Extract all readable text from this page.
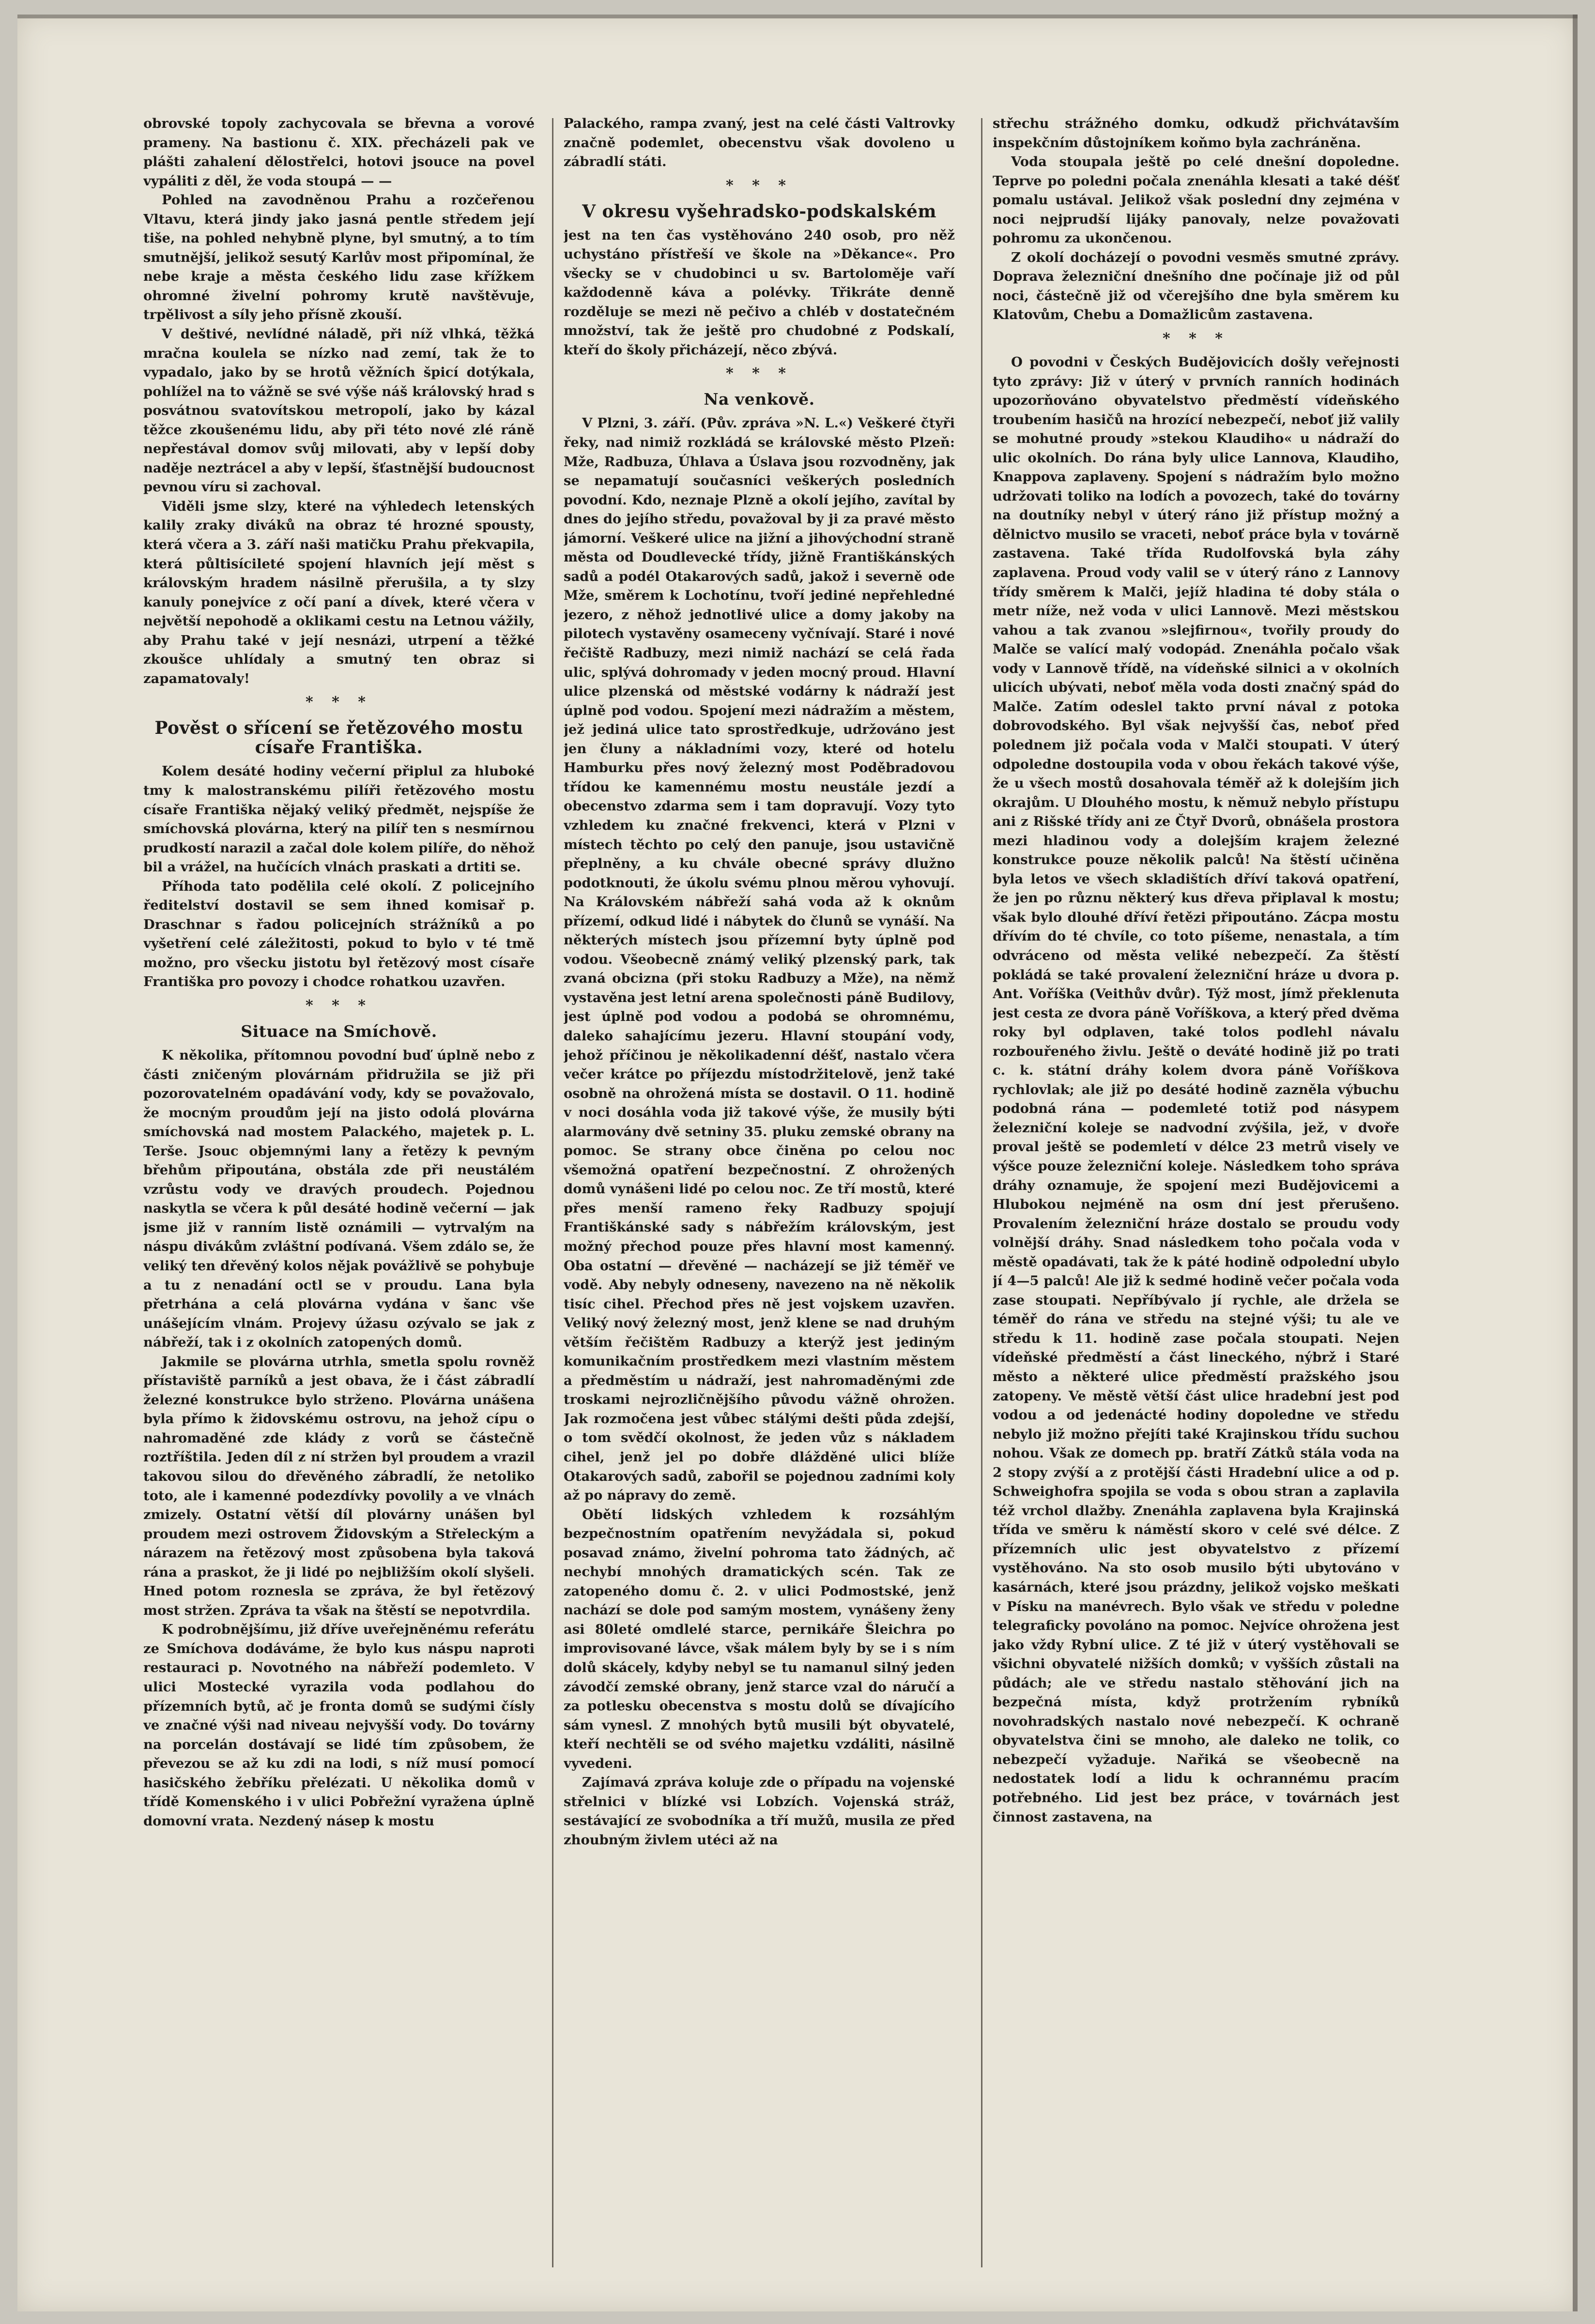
obrovské topoly zachycovala se břevna a vorové prameny. Na bastionu č. XIX. přecházeli pak ve plášti zahalení dělostřelci, hotovi jsouce na povel vypáliti z děl, že voda stoupá — —

Pohled na zavodněnou Prahu a rozčeřenou Vltavu, která jindy jako jasná pentle středem její tiše, na pohled nehybně plyne, byl smutný, a to tím smutnější, jelikož sesutý Karlův most připomínal, že nebe kraje a města českého lidu zase křížkem ohromné živelní pohromy krutě navštěvuje, trpělivost a síly jeho přísně zkouší.

V deštivé, nevlídné náladě, při níž vlhká, těžká mračna koulela se nízko nad zemí, tak že to vypadalo, jako by se hrotů věžních špicí dotýkala, pohlížel na to vážně se své výše náš královský hrad s posvátnou svatovítskou metropolí, jako by kázal těžce zkoušenému lidu, aby při této nové zlé ráně nepřestával domov svůj milovati, aby v lepší doby naděje neztrácel a aby v lepší, šťastnější budoucnost pevnou víru si zachoval.

Viděli jsme slzy, které na výhledech letenských kalily zraky diváků na obraz té hrozné spousty, která včera a 3. září naši matičku Prahu překvapila, která půltisícileté spojení hlavních její měst s královským hradem násilně přerušila, a ty slzy kanuly ponejvíce z očí paní a dívek, které včera v největší nepohodě a oklikami cestu na Letnou vážily, aby Prahu také v její nesnázi, utrpení a těžké zkoušce uhlídaly a smutný ten obraz si zapamatovaly!

* * *
Pověst o sřícení se řetězového mostu císaře Františka.

Kolem desáté hodiny večerní připlul za hluboké tmy k malostranskému pilíři řetězového mostu císaře Františka nějaký veliký předmět, nejspíše že smíchovská plovárna, který na pilíř ten s nesmírnou prudkostí narazil a začal dole kolem pilíře, do něhož bil a vrážel, na hučících vlnách praskati a drtiti se.

Příhoda tato podělila celé okolí. Z policejního ředitelství dostavil se sem ihned komisař p. Draschnar s řadou policejních strážníků a po vyšetření celé záležitosti, pokud to bylo v té tmě možno, pro všecku jistotu byl řetězový most císaře Františka pro povozy i chodce rohatkou uzavřen.

* * *
Situace na Smíchově.

K několika, přítomnou povodní buď úplně nebo z části zničeným plovárnám přidružila se již při pozorovatelném opadávání vody, kdy se považovalo, že mocným proudům její na jisto odolá plovárna smíchovská nad mostem Palackého, majetek p. L. Terše. Jsouc objemnými lany a řetězy k pevným břehům připoutána, obstála zde při neustálém vzrůstu vody ve dravých proudech. Pojednou naskytla se včera k půl desáté hodině večerní — jak jsme již v ranním listě oznámili — vytrvalým na náspu divákům zvláštní podívaná. Všem zdálo se, že veliký ten dřevěný kolos nějak povážlivě se pohybuje a tu z nenadání octl se v proudu. Lana byla přetrhána a celá plovárna vydána v šanc vše unášejícím vlnám. Projevy úžasu ozývalo se jak z nábřeží, tak i z okolních zatopených domů.

Jakmile se plovárna utrhla, smetla spolu rovněž přístaviště parníků a jest obava, že i část zábradlí železné konstrukce bylo strženo. Plovárna unášena byla přímo k židovskému ostrovu, na jehož cípu o nahromaděné zde klády z vorů se částečně roztříštila. Jeden díl z ní stržen byl proudem a vrazil takovou silou do dřevěného zábradlí, že netoliko toto, ale i kamenné podezdívky povolily a ve vlnách zmizely. Ostatní větší díl plovárny unášen byl proudem mezi ostrovem Židovským a Střeleckým a nárazem na řetězový most způsobena byla taková rána a praskot, že ji lidé po nejbližším okolí slyšeli. Hned potom roznesla se zpráva, že byl řetězový most stržen. Zpráva ta však na štěstí se nepotvrdila.

K podrobnějšímu, již dříve uveřejněnému referátu ze Smíchova dodáváme, že bylo kus náspu naproti restauraci p. Novotného na nábřeží podemleto. V ulici Mostecké vyrazila voda podlahou do přízemních bytů, ač je fronta domů se sudými čísly ve značné výši nad niveau nejvyšší vody. Do továrny na porcelán dostávají se lidé tím způsobem, že převezou se až ku zdi na lodi, s níž musí pomocí hasičského žebříku přelézati. U několika domů v třídě Komenského i v ulici Pobřežní vyražena úplně domovní vrata. Nezdený násep k mostu

Palackého, rampa zvaný, jest na celé části Valtrovky značně podemlet, obecenstvu však dovoleno u zábradlí státi.

* * *
V okresu vyšehradsko-podskalském

jest na ten čas vystěhováno 240 osob, pro něž uchystáno přístřeší ve škole na »Děkance«. Pro všecky se v chudobinci u sv. Bartoloměje vaří každodenně káva a polévky. Třikráte denně rozděluje se mezi ně pečivo a chléb v dostatečném množství, tak že ještě pro chudobné z Podskalí, kteří do školy přicházejí, něco zbývá.

* * *
Na venkově.

V Plzni, 3. září. (Pův. zpráva »N. L.«) Veškeré čtyři řeky, nad nimiž rozkládá se královské město Plzeň: Mže, Radbuza, Úhlava a Úslava jsou rozvodněny, jak se nepamatují současníci veškerých posledních povodní. Kdo, neznaje Plzně a okolí jejího, zavítal by dnes do jejího středu, považoval by ji za pravé město jámorní. Veškeré ulice na jižní a jihovýchodní straně města od Doudlevecké třídy, jižně Františkánských sadů a podél Otakarových sadů, jakož i severně ode Mže, směrem k Lochotínu, tvoří jediné nepřehledné jezero, z něhož jednotlivé ulice a domy jakoby na pilotech vystavěny osameceny vyčnívají. Staré i nové řečiště Radbuzy, mezi nimiž nachází se celá řada ulic, splývá dohromady v jeden mocný proud. Hlavní ulice plzenská od městské vodárny k nádraží jest úplně pod vodou. Spojení mezi nádražím a městem, jež jediná ulice tato sprostředkuje, udržováno jest jen čluny a nákladními vozy, které od hotelu Hamburku přes nový železný most Poděbradovou třídou ke kamennému mostu neustále jezdí a obecenstvo zdarma sem i tam dopravují. Vozy tyto vzhledem ku značné frekvenci, která v Plzni v místech těchto po celý den panuje, jsou ustavičně přeplněny, a ku chvále obecné správy dlužno podotknouti, že úkolu svému plnou měrou vyhovují. Na Královském nábřeží sahá voda až k oknům přízemí, odkud lidé i nábytek do člunů se vynáší. Na některých místech jsou přízemní byty úplně pod vodou. Všeobecně známý veliký plzenský park, tak zvaná obcizna (při stoku Radbuzy a Mže), na němž vystavěna jest letní arena společnosti páně Budilovy, jest úplně pod vodou a podobá se ohromnému, daleko sahajícímu jezeru. Hlavní stoupání vody, jehož příčinou je několikadenní déšť, nastalo včera večer krátce po příjezdu místodržitelově, jenž také osobně na ohrožená místa se dostavil. O 11. hodině v noci dosáhla voda již takové výše, že musily býti alarmovány dvě setniny 35. pluku zemské obrany na pomoc. Se strany obce činěna po celou noc všemožná opatření bezpečnostní. Z ohrožených domů vynášeni lidé po celou noc. Ze tří mostů, které přes menší rameno řeky Radbuzy spojují Františkánské sady s nábřežím královským, jest možný přechod pouze přes hlavní most kamenný. Oba ostatní — dřevěné — nacházejí se již téměř ve vodě. Aby nebyly odneseny, navezeno na ně několik tisíc cihel. Přechod přes ně jest vojskem uzavřen. Veliký nový železný most, jenž klene se nad druhým větším řečištěm Radbuzy a kterýž jest jediným komunikačním prostředkem mezi vlastním městem a předměstím u nádraží, jest nahromaděnými zde troskami nejrozličnějšího původu vážně ohrožen. Jak rozmočena jest vůbec stálými dešti půda zdejší, o tom svědčí okolnost, že jeden vůz s nákladem cihel, jenž jel po dobře dlážděné ulici blíže Otakarových sadů, zabořil se pojednou zadními koly až po nápravy do země.

Obětí lidských vzhledem k rozsáhlým bezpečnostním opatřením nevyžádala si, pokud posavad známo, živelní pohroma tato žádných, ač nechybí mnohých dramatických scén. Tak ze zatopeného domu č. 2. v ulici Podmostské, jenž nachází se dole pod samým mostem, vynášeny ženy asi 80leté omdlelé starce, pernikáře Šleichra po improvisované lávce, však málem byly by se i s ním dolů skácely, kdyby nebyl se tu namanul silný jeden závodčí zemské obrany, jenž starce vzal do náručí a za potlesku obecenstva s mostu dolů se dívajícího sám vynesl. Z mnohých bytů musili být obyvatelé, kteří nechtěli se od svého majetku vzdáliti, násilně vyvedeni.

Zajímavá zpráva koluje zde o případu na vojenské střelnici v blízké vsi Lobzích. Vojenská stráž, sestávající ze svobodníka a tří mužů, musila ze před zhoubným živlem utéci až na

střechu strážného domku, odkudž přichvátavším inspekčním důstojníkem koňmo byla zachráněna.

Voda stoupala ještě po celé dnešní dopoledne. Teprve po poledni počala znenáhla klesati a také déšť pomalu ustával. Jelikož však poslední dny zejména v noci nejprudší lijáky panovaly, nelze považovati pohromu za ukončenou.

Z okolí docházejí o povodni vesměs smutné zprávy. Doprava železniční dnešního dne počínaje již od půl noci, částečně již od včerejšího dne byla směrem ku Klatovům, Chebu a Domažlicům zastavena.

* * *

O povodni v Českých Budějovicích došly veřejnosti tyto zprávy: Již v úterý v prvních ranních hodinách upozorňováno obyvatelstvo předměstí vídeňského troubením hasičů na hrozící nebezpečí, neboť již valily se mohutné proudy »stekou Klaudiho« u nádraží do ulic okolních. Do rána byly ulice Lannova, Klaudiho, Knappova zaplaveny. Spojení s nádražím bylo možno udržovati toliko na lodích a povozech, také do továrny na doutníky nebyl v úterý ráno již přístup možný a dělnictvo musilo se vraceti, neboť práce byla v továrně zastavena. Také třída Rudolfovská byla záhy zaplavena. Proud vody valil se v úterý ráno z Lannovy třídy směrem k Malči, jejíž hladina té doby stála o metr níže, než voda v ulici Lannově. Mezi městskou vahou a tak zvanou »slejfirnou«, tvořily proudy do Malče se valící malý vodopád. Znenáhla počalo však vody v Lannově třídě, na vídeňské silnici a v okolních ulicích ubývati, neboť měla voda dosti značný spád do Malče. Zatím odeslel takto první nával z potoka dobrovodského. Byl však nejvyšší čas, neboť před polednem již počala voda v Malči stoupati. V úterý odpoledne dostoupila voda v obou řekách takové výše, že u všech mostů dosahovala téměř až k dolejším jich okrajům. U Dlouhého mostu, k němuž nebylo přístupu ani z Rišské třídy ani ze Čtyř Dvorů, obnášela prostora mezi hladinou vody a dolejším krajem železné konstrukce pouze několik palců! Na štěstí učiněna byla letos ve všech skladištích dříví taková opatření, že jen po různu některý kus dřeva připlaval k mostu; však bylo dlouhé dříví řetězi připoutáno. Zácpa mostu dřívím do té chvíle, co toto píšeme, nenastala, a tím odvráceno od města veliké nebezpečí. Za štěstí pokládá se také provalení železniční hráze u dvora p. Ant. Voříška (Veithův dvůr). Týž most, jímž překlenuta jest cesta ze dvora páně Voříškova, a který před dvěma roky byl odplaven, také tolos podlehl návalu rozbouřeného živlu. Ještě o deváté hodině již po trati c. k. státní dráhy kolem dvora páně Voříškova rychlovlak; ale již po desáté hodině zazněla výbuchu podobná rána — podemleté totiž pod násypem železniční koleje se nadvodní zvýšila, jež, v dvoře proval ještě se podemletí v délce 23 metrů visely ve výšce pouze železniční koleje. Následkem toho správa dráhy oznamuje, že spojení mezi Budějovicemi a Hlubokou nejméně na osm dní jest přerušeno. Provalením železniční hráze dostalo se proudu vody volnější dráhy. Snad následkem toho počala voda v městě opadávati, tak že k páté hodině odpolední ubylo jí 4—5 palců! Ale již k sedmé hodině večer počala voda zase stoupati. Nepříbývalo jí rychle, ale držela se téměř do rána ve středu na stejné výši; tu ale ve středu k 11. hodině zase počala stoupati. Nejen vídeňské předměstí a část lineckého, nýbrž i Staré město a některé ulice předměstí pražského jsou zatopeny. Ve městě větší část ulice hradební jest pod vodou a od jedenácté hodiny dopoledne ve středu nebylo již možno přejíti také Krajinskou třídu suchou nohou. Však ze domech pp. bratří Zátků stála voda na 2 stopy zvýší a z protější části Hradební ulice a od p. Schweighofra spojila se voda s obou stran a zaplavila též vrchol dlažby. Znenáhla zaplavena byla Krajinská třída ve směru k náměstí skoro v celé své délce. Z přízemních ulic jest obyvatelstvo z přízemí vystěhováno. Na sto osob musilo býti ubytováno v kasárnách, které jsou prázdny, jelikož vojsko meškati v Písku na manévrech. Bylo však ve středu v poledne telegraficky povoláno na pomoc. Nejvíce ohrožena jest jako vždy Rybní ulice. Z té již v úterý vystěhovali se všichni obyvatelé nižších domků; v vyšších zůstali na půdách; ale ve středu nastalo stěhování jich na bezpečná místa, když protržením rybníků novohradských nastalo nové nebezpečí. K ochraně obyvatelstva čini se mnoho, ale daleko ne tolik, co nebezpečí vyžaduje. Nařiká se všeobecně na nedostatek lodí a lidu k ochrannému pracím potřebného. Lid jest bez práce, v továrnách jest činnost zastavena, na
